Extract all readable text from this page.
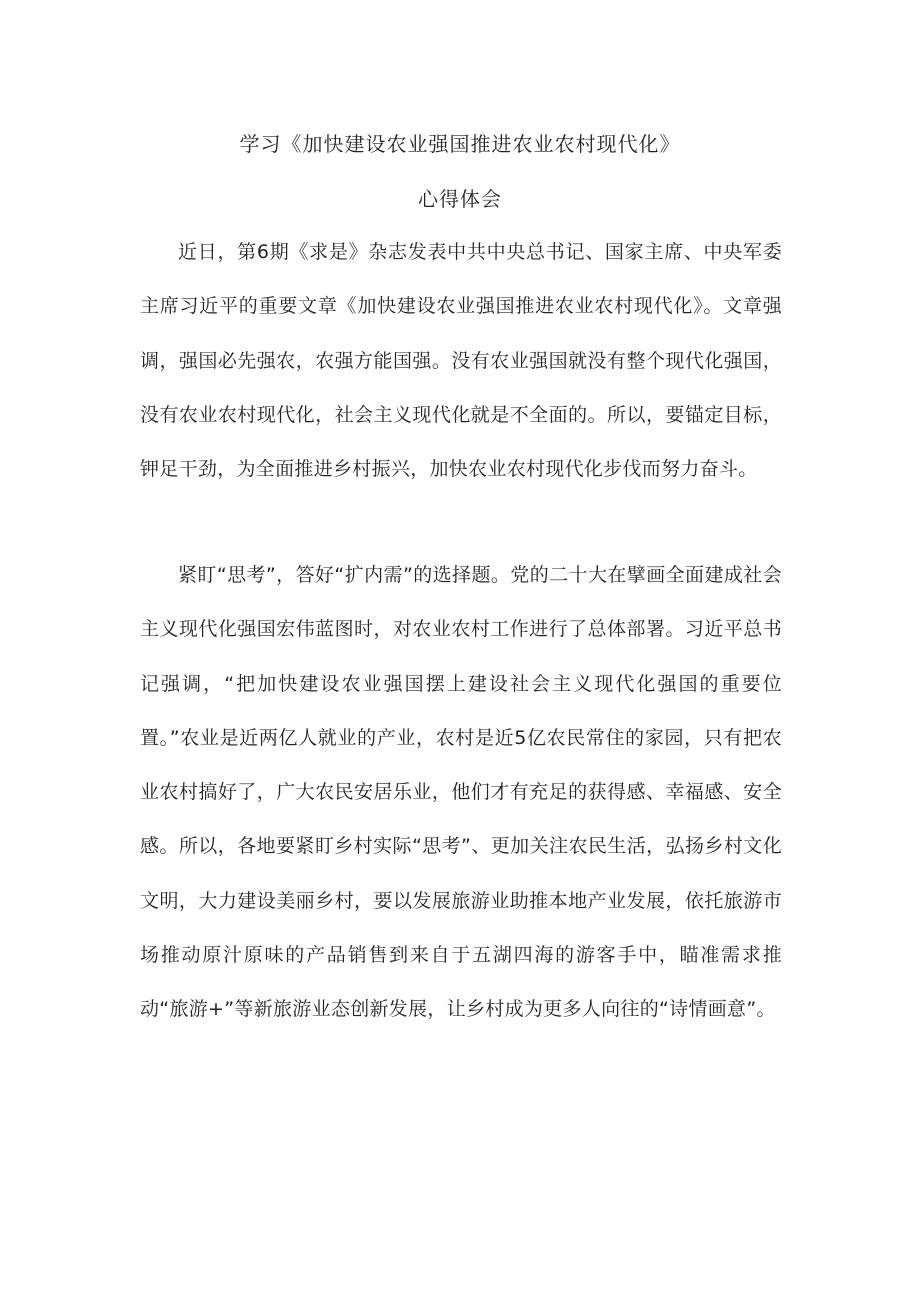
学习《加快建设农业强国推进农业农村现代化》
心得体会

近日，第6期《求是》杂志发表中共中央总书记、国家主席、中央军委主席习近平的重要文章《加快建设农业强国推进农业农村现代化》。文章强调，强国必先强农，农强方能国强。没有农业强国就没有整个现代化强国，没有农业农村现代化，社会主义现代化就是不全面的。所以，要锚定目标，钾足干劲，为全面推进乡村振兴，加快农业农村现代化步伐而努力奋斗。

紧盯“思考”，答好“扩内需”的选择题。党的二十大在擘画全面建成社会主义现代化强国宏伟蓝图时，对农业农村工作进行了总体部署。习近平总书记强调，“把加快建设农业强国摆上建设社会主义现代化强国的重要位置。”农业是近两亿人就业的产业，农村是近5亿农民常住的家园，只有把农业农村搞好了，广大农民安居乐业，他们才有充足的获得感、幸福感、安全感。所以，各地要紧盯乡村实际“思考”、更加关注农民生活，弘扬乡村文化文明，大力建设美丽乡村，要以发展旅游业助推本地产业发展，依托旅游市场推动原汁原味的产品销售到来自于五湖四海的游客手中，瞄准需求推动“旅游+”等新旅游业态创新发展，让乡村成为更多人向往的“诗情画意”。
